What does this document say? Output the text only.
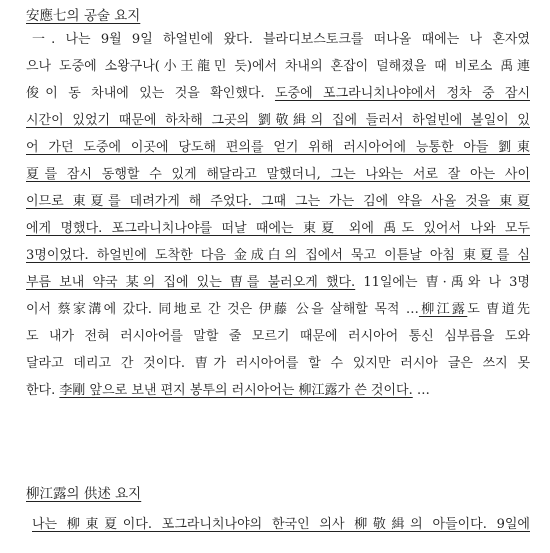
安應七의 공술 요지
一. 나는 9월 9일 하얼빈에 왔다. 블라디보스토크를 떠나올 때에는 나 혼자였
으나 도중에 소왕구나(小王龍민 듯)에서 차내의 혼잡이 덜해졌을 때 비로소 禹連
俊이 동 차내에 있는 것을 확인했다. 도중에 포그라니치나야에서 정차 중 잠시
시간이 있었기 때문에 하차해 그곳의 劉敬緝의 집에 들러서 하얼빈에 볼일이 있
어 가던 도중에 이곳에 당도해 편의를 얻기 위해 러시아어에 능통한 아들 劉東
夏를 잠시 동행할 수 있게 해달라고 말했더니, 그는 나와는 서로 잘 아는 사이
이므로 東夏를 데려가게 해 주었다. 그때 그는 가는 김에 약을 사올 것을 東夏
에게 명했다. 포그라니치나야를 떠날 때에는 東夏 외에 禹도 있어서 나와 모두
3명이었다. 하얼빈에 도착한 다음 金成白의 집에서 묵고 이튿날 아침 東夏를 심
부름 보내 약국 某의 집에 있는 曺를 불러오게 했다. 11일에는 曺·禹와 나 3명
이서 蔡家溝에 갔다. 同地로 간 것은 伊藤 公을 살해할 목적 …柳江露도 曺道先
도 내가 전혀 러시아어를 말할 줄 모르기 때문에 러시아어 통신 심부름을 도와
달라고 데리고 간 것이다. 曺가 러시아어를 할 수 있지만 러시아 글은 쓰지 못
한다. 李剛 앞으로 보낸 편지 봉투의 러시아어는 柳江露가 쓴 것이다. …
柳江露의 供述 요지
나는 柳東夏이다. 포그라니치나야의 한국인 의사 柳敬緝의 아들이다. 9일에
